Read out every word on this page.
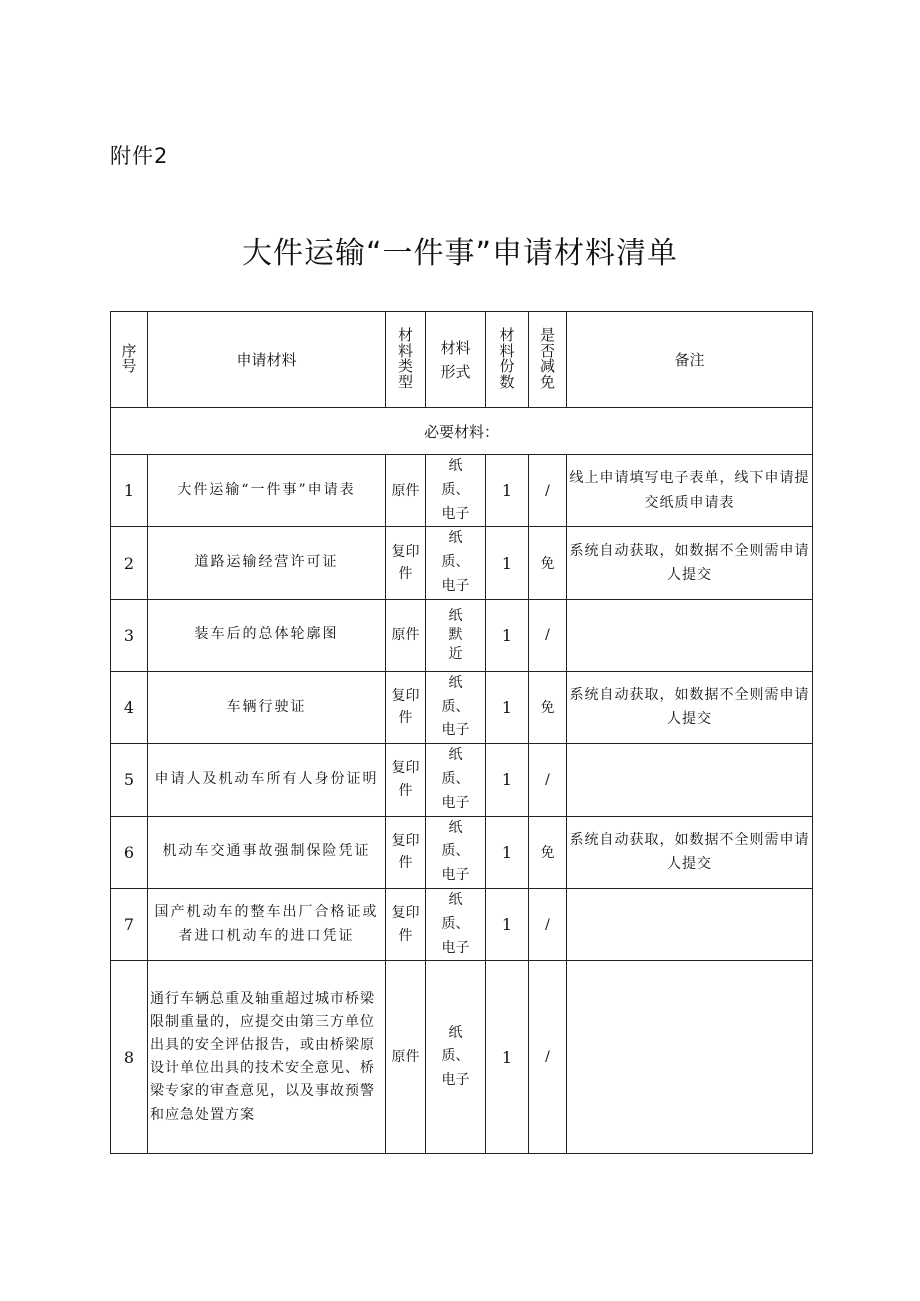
附件2
大件运输“一件事”申请材料清单
序号	申请材料	材料类型	材料形式	材料份数	是否减免	备注
必要材料：						
1	大件运输“一件事”申请表	原件	纸质、电子	1	/	线上申请填写电子表单，线下申请提交纸质申请表
2	道路运输经营许可证	复印件	纸质、电子	1	免	系统自动获取，如数据不全则需申请人提交
3	装车后的总体轮廓图	原件	纸默近	1	/	
4	车辆行驶证	复印件	纸质、电子	1	免	系统自动获取，如数据不全则需申请人提交
5	申请人及机动车所有人身份证明	复印件	纸质、电子	1	/	
6	机动车交通事故强制保险凭证	复印件	纸质、电子	1	免	系统自动获取，如数据不全则需申请人提交
7	国产机动车的整车出厂合格证或者进口机动车的进口凭证	复印件	纸质、电子	1	/	
8	通行车辆总重及轴重超过城市桥梁限制重量的，应提交由第三方单位出具的安全评估报告，或由桥梁原设计单位出具的技术安全意见、桥梁专家的审查意见，以及事故预警和应急处置方案	原件	纸质、电子	1	/	
